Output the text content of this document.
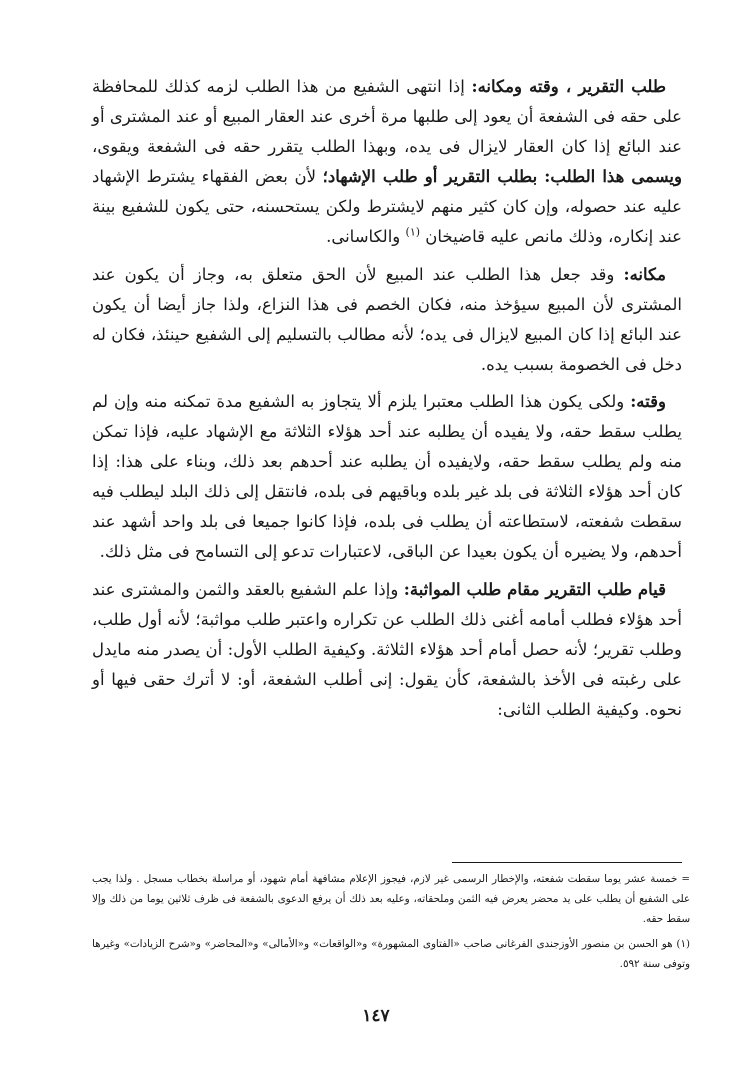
طلب التقرير ، وقته ومكانه: إذا انتهى الشفيع من هذا الطلب لزمه كذلك للمحافظة على حقه فى الشفعة أن يعود إلى طلبها مرة أخرى عند العقار المبيع أو عند المشترى أو عند البائع إذا كان العقار لايزال فى يده، وبهذا الطلب يتقرر حقه فى الشفعة ويقوى، ويسمى هذا الطلب: بطلب التقرير أو طلب الإشهاد؛ لأن بعض الفقهاء يشترط الإشهاد عليه عند حصوله، وإن كان كثير منهم لايشترط ولكن يستحسنه، حتى يكون للشفيع بينة عند إنكاره، وذلك مانص عليه قاضيخان $^{(١)}$ والكاسانى.

مكانه: وقد جعل هذا الطلب عند المبيع لأن الحق متعلق به، وجاز أن يكون عند المشترى لأن المبيع سيؤخذ منه، فكان الخصم فى هذا النزاع، ولذا جاز أيضا أن يكون عند البائع إذا كان المبيع لايزال فى يده؛ لأنه مطالب بالتسليم إلى الشفيع حينئذ، فكان له دخل فى الخصومة بسبب يده.

وقته: ولكى يكون هذا الطلب معتبرا يلزم ألا يتجاوز به الشفيع مدة تمكنه منه وإن لم يطلب سقط حقه، ولا يفيده أن يطلبه عند أحد هؤلاء الثلاثة مع الإشهاد عليه، فإذا تمكن منه ولم يطلب سقط حقه، ولايفيده أن يطلبه عند أحدهم بعد ذلك، وبناء على هذا: إذا كان أحد هؤلاء الثلاثة فى بلد غير بلده وباقيهم فى بلده، فانتقل إلى ذلك البلد ليطلب فيه سقطت شفعته، لاستطاعته أن يطلب فى بلده، فإذا كانوا جميعا فى بلد واحد أشهد عند أحدهم، ولا يضيره أن يكون بعيدا عن الباقى، لاعتبارات تدعو إلى التسامح فى مثل ذلك.

قيام طلب التقرير مقام طلب المواثبة: وإذا علم الشفيع بالعقد والثمن والمشترى عند أحد هؤلاء فطلب أمامه أغنى ذلك الطلب عن تكراره واعتبر طلب مواثبة؛ لأنه أول طلب، وطلب تقرير؛ لأنه حصل أمام أحد هؤلاء الثلاثة. وكيفية الطلب الأول: أن يصدر منه مايدل على رغبته فى الأخذ بالشفعة، كأن يقول: إنى أطلب الشفعة، أو: لا أترك حقى فيها أو نحوه. وكيفية الطلب الثانى:

= خمسة عشر يوما سقطت شفعته، والإخطار الرسمى غير لازم، فيجوز الإعلام مشافهة أمام شهود، أو مراسلة بخطاب مسجل . ولذا يجب على الشفيع أن يطلب على يد محضر يعرض فيه الثمن وملحقاته، وعليه بعد ذلك أن يرفع الدعوى بالشفعة فى ظرف ثلاثين يوما من ذلك وإلا سقط حقه.

(١) هو الحسن بن منصور الأوزجندى الفرغانى صاحب «الفتاوى المشهورة» و«الواقعات» و«الأمالى» و«المحاضر» و«شرح الزيادات» وغيرها وتوفى سنة ٥٩٢.

١٤٧
